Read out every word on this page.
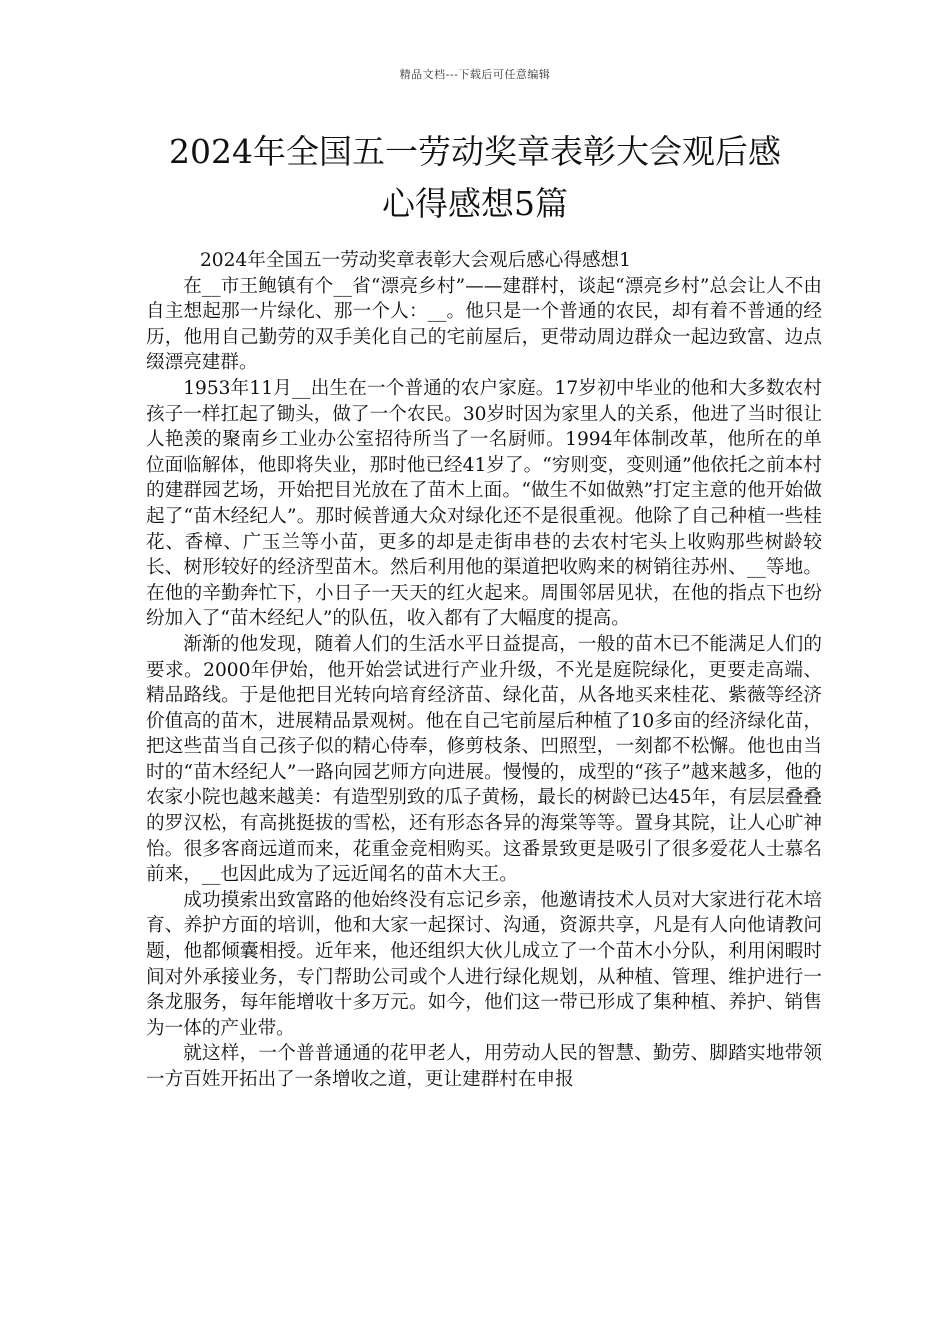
精品文档---下载后可任意编辑
2024年全国五一劳动奖章表彰大会观后感
心得感想5篇

2024年全国五一劳动奖章表彰大会观后感心得感想1

在__市王鲍镇有个__省“漂亮乡村”——建群村，谈起“漂亮乡村”总会让人不由自主想起那一片绿化、那一个人：__。他只是一个普通的农民，却有着不普通的经历，他用自己勤劳的双手美化自己的宅前屋后，更带动周边群众一起边致富、边点缀漂亮建群。

1953年11月__出生在一个普通的农户家庭。17岁初中毕业的他和大多数农村孩子一样扛起了锄头，做了一个农民。30岁时因为家里人的关系，他进了当时很让人艳羡的聚南乡工业办公室招待所当了一名厨师。1994年体制改革，他所在的单位面临解体，他即将失业，那时他已经41岁了。“穷则变，变则通”他依托之前本村的建群园艺场，开始把目光放在了苗木上面。“做生不如做熟”打定主意的他开始做起了“苗木经纪人”。那时候普通大众对绿化还不是很重视。他除了自己种植一些桂花、香樟、广玉兰等小苗，更多的却是走街串巷的去农村宅头上收购那些树龄较长、树形较好的经济型苗木。然后利用他的渠道把收购来的树销往苏州、__等地。在他的辛勤奔忙下，小日子一天天的红火起来。周围邻居见状，在他的指点下也纷纷加入了“苗木经纪人”的队伍，收入都有了大幅度的提高。

渐渐的他发现，随着人们的生活水平日益提高，一般的苗木已不能满足人们的要求。2000年伊始，他开始尝试进行产业升级，不光是庭院绿化，更要走高端、精品路线。于是他把目光转向培育经济苗、绿化苗，从各地买来桂花、紫薇等经济价值高的苗木，进展精品景观树。他在自己宅前屋后种植了10多亩的经济绿化苗，把这些苗当自己孩子似的精心侍奉，修剪枝条、凹照型，一刻都不松懈。他也由当时的“苗木经纪人”一路向园艺师方向进展。慢慢的，成型的“孩子”越来越多，他的农家小院也越来越美：有造型别致的瓜子黄杨，最长的树龄已达45年，有层层叠叠的罗汉松，有高挑挺拔的雪松，还有形态各异的海棠等等。置身其院，让人心旷神怡。很多客商远道而来，花重金竞相购买。这番景致更是吸引了很多爱花人士慕名前来，__也因此成为了远近闻名的苗木大王。

成功摸索出致富路的他始终没有忘记乡亲，他邀请技术人员对大家进行花木培育、养护方面的培训，他和大家一起探讨、沟通，资源共享，凡是有人向他请教问题，他都倾囊相授。近年来，他还组织大伙儿成立了一个苗木小分队，利用闲暇时间对外承接业务，专门帮助公司或个人进行绿化规划，从种植、管理、维护进行一条龙服务，每年能增收十多万元。如今，他们这一带已形成了集种植、养护、销售为一体的产业带。

就这样，一个普普通通的花甲老人，用劳动人民的智慧、勤劳、脚踏实地带领一方百姓开拓出了一条增收之道，更让建群村在申报
